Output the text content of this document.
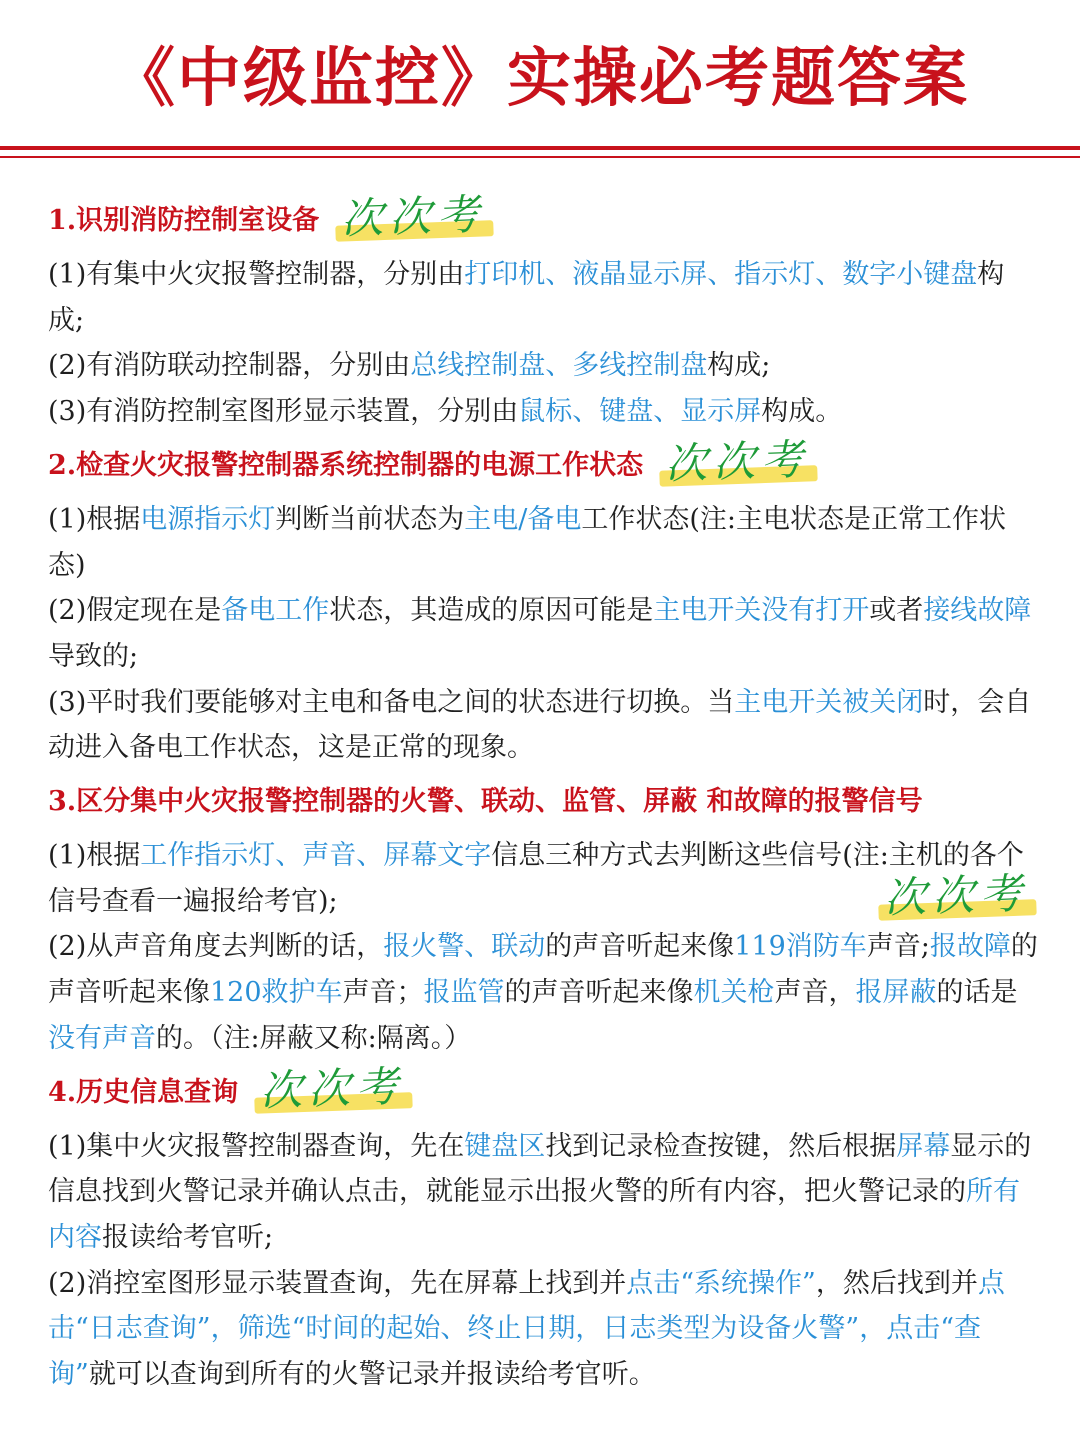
《中级监控》实操必考题答案
1.识别消防控制室设备 次次考

(1)有集中火灾报警控制器，分别由打印机、液晶显示屏、指示灯、数字小键盘构成;

(2)有消防联动控制器，分别由总线控制盘、多线控制盘构成;

(3)有消防控制室图形显示装置，分别由鼠标、键盘、显示屏构成。

2.检查火灾报警控制器系统控制器的电源工作状态 次次考

(1)根据电源指示灯判断当前状态为主电/备电工作状态(注:主电状态是正常工作状态)

(2)假定现在是备电工作状态，其造成的原因可能是主电开关没有打开或者接线故障导致的;

(3)平时我们要能够对主电和备电之间的状态进行切换。当主电开关被关闭时，会自动进入备电工作状态，这是正常的现象。

3.区分集中火灾报警控制器的火警、联动、监管、屏蔽 和故障的报警信号

(1)根据工作指示灯、声音、屏幕文字信息三种方式去判断这些信号(注:主机的各个信号查看一遍报给考官);

(2)从声音角度去判断的话，报火警、联动的声音听起来像119消防车声音;报故障的声音听起来像120救护车声音；报监管的声音听起来像机关枪声音，报屏蔽的话是没有声音的。（注:屏蔽又称:隔离。）

4.历史信息查询 次次考

(1)集中火灾报警控制器查询，先在键盘区找到记录检查按键，然后根据屏幕显示的信息找到火警记录并确认点击，就能显示出报火警的所有内容，把火警记录的所有内容报读给考官听;

(2)消控室图形显示装置查询，先在屏幕上找到并点击“系统操作”，然后找到并点击“日志查询”，筛选“时间的起始、终止日期，日志类型为设备火警”，点击“查询”就可以查询到所有的火警记录并报读给考官听。

次次考
